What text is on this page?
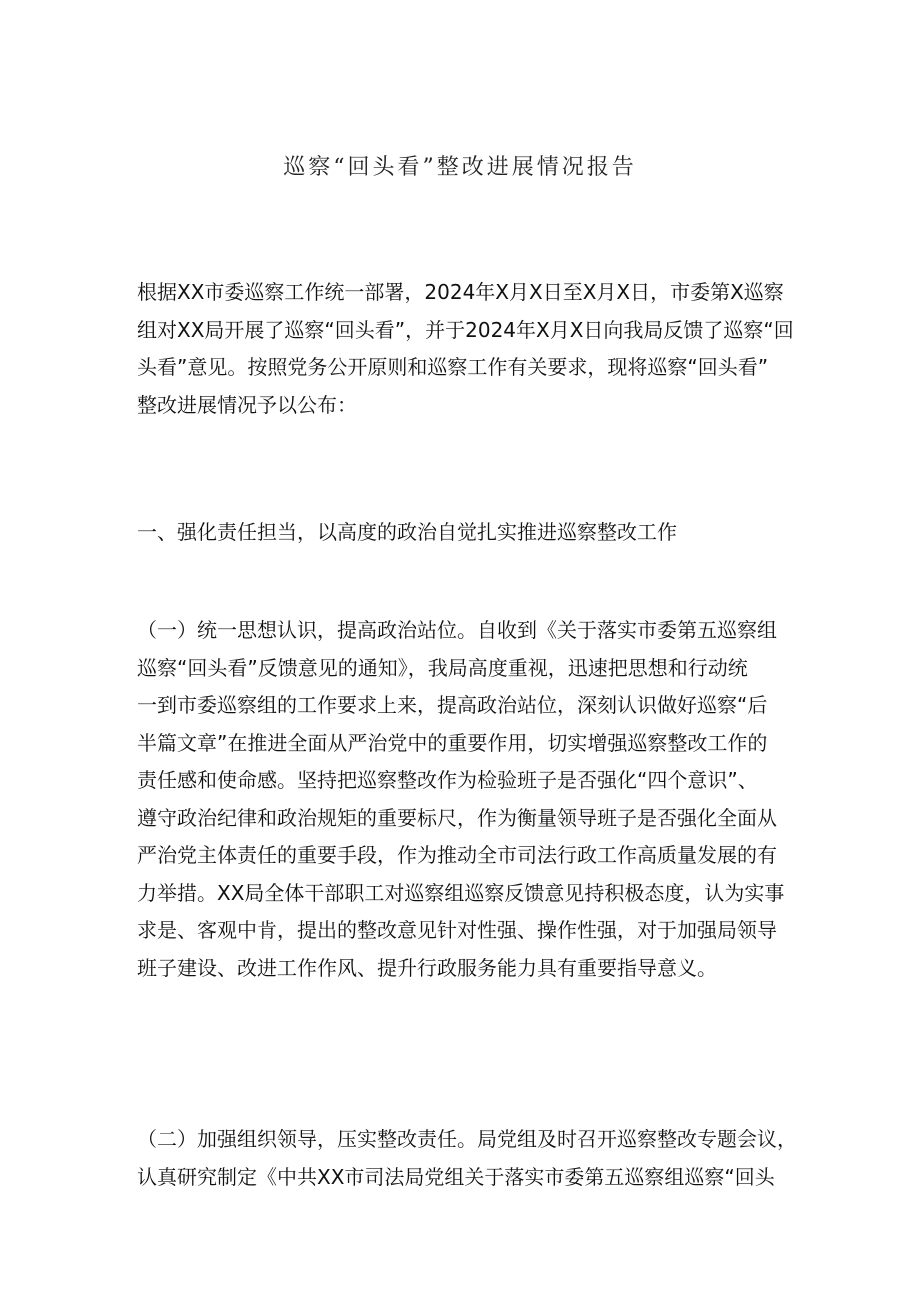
巡察“回头看”整改进展情况报告
根据XX市委巡察工作统一部署，2024年X月X日至X月X日，市委第X巡察
组对XX局开展了巡察“回头看”，并于2024年X月X日向我局反馈了巡察“回
头看”意见。按照党务公开原则和巡察工作有关要求，现将巡察“回头看”
整改进展情况予以公布：
一、强化责任担当，以高度的政治自觉扎实推进巡察整改工作
（一）统一思想认识，提高政治站位。自收到《关于落实市委第五巡察组
巡察“回头看”反馈意见的通知》，我局高度重视，迅速把思想和行动统
一到市委巡察组的工作要求上来，提高政治站位，深刻认识做好巡察“后
半篇文章”在推进全面从严治党中的重要作用，切实增强巡察整改工作的
责任感和使命感。坚持把巡察整改作为检验班子是否强化“四个意识”、
遵守政治纪律和政治规矩的重要标尺，作为衡量领导班子是否强化全面从
严治党主体责任的重要手段，作为推动全市司法行政工作高质量发展的有
力举措。XX局全体干部职工对巡察组巡察反馈意见持积极态度，认为实事
求是、客观中肯，提出的整改意见针对性强、操作性强，对于加强局领导
班子建设、改进工作作风、提升行政服务能力具有重要指导意义。
（二）加强组织领导，压实整改责任。局党组及时召开巡察整改专题会议，
认真研究制定《中共XX市司法局党组关于落实市委第五巡察组巡察“回头
